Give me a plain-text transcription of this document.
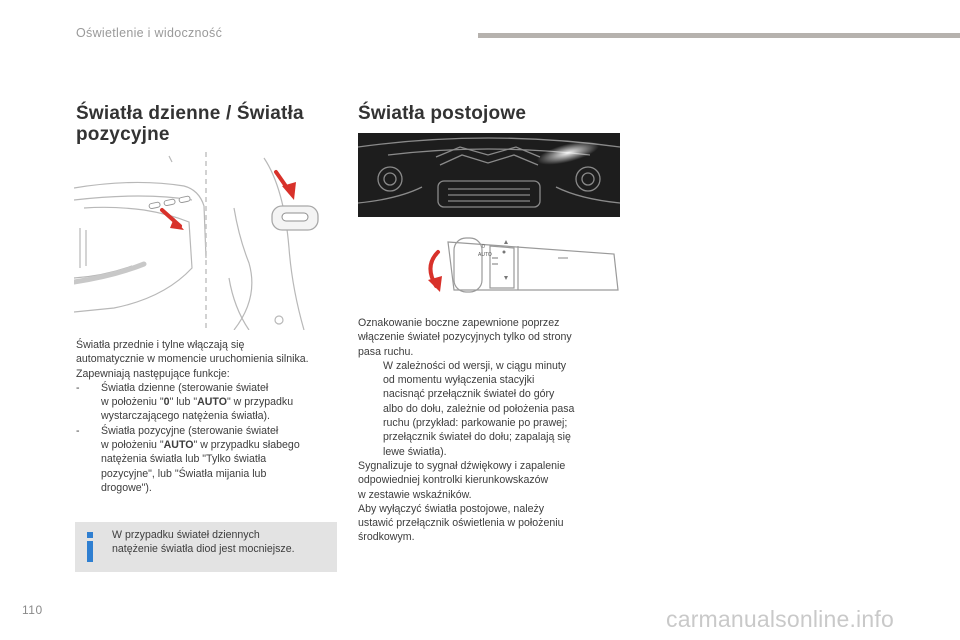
Oświetlenie i widoczność
Światła dzienne / Światła
pozycyjne

Światła przednie i tylne włączają się

automatycznie w momencie uruchomienia silnika.

Zapewniają następujące funkcje:

- Światła dzienne (sterowanie świateł

w położeniu "0" lub "AUTO" w przypadku

wystarczającego natężenia światła).

- Światła pozycyjne (sterowanie świateł

w położeniu "AUTO" w przypadku słabego

natężenia światła lub "Tylko światła

pozycyjne", lub "Światła mijania lub

drogowe").

W przypadku świateł dziennych

natężenie światła diod jest mocniejsze.

Światła postojowe
AUTO
0

Oznakowanie boczne zapewnione poprzez

włączenie świateł pozycyjnych tylko od strony

pasa ruchu.

W zależności od wersji, w ciągu minuty

od momentu wyłączenia stacyjki

nacisnąć przełącznik świateł do góry

albo do dołu, zależnie od położenia pasa

ruchu (przykład: parkowanie po prawej;

przełącznik świateł do dołu; zapalają się

lewe światła).

Sygnalizuje to sygnał dźwiękowy i zapalenie

odpowiedniej kontrolki kierunkowskazów

w zestawie wskaźników.

Aby wyłączyć światła postojowe, należy

ustawić przełącznik oświetlenia w położeniu

środkowym.

110	carmanualsonline.info
